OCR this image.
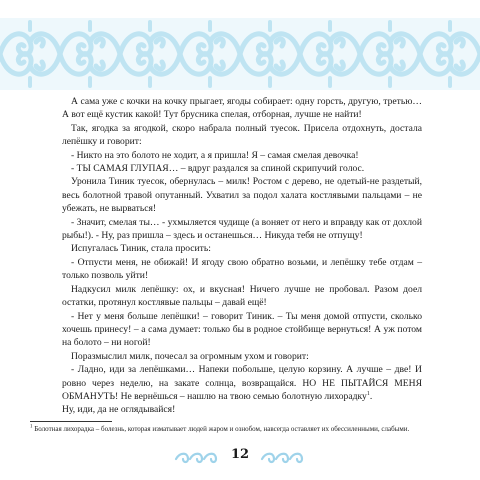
А сама уже с кочки на кочку прыгает, ягоды собирает: одну горсть, другую, третью… А вот ещё кустик какой! Тут брусника спелая, отборная, лучше не найти!

Так, ягодка за ягодкой, скоро набрала полный туесок. Присела отдохнуть, достала лепёшку и говорит:

- Никто на это болото не ходит, а я пришла! Я – самая смелая девочка!

- ТЫ САМАЯ ГЛУПАЯ… – вдруг раздался за спиной скрипучий голос.

Уронила Тиник туесок, обернулась – милк! Ростом с дерево, не одетый-не раздетый, весь болотной травой опутанный. Ухватил за подол халата костлявыми пальцами – не убежать, не вырваться!

- Значит, смелая ты… - ухмыляется чудище (а воняет от него и вправду как от дохлой рыбы!). - Ну, раз пришла – здесь и останешься… Никуда тебя не отпущу!

Испугалась Тиник, стала просить:

- Отпусти меня, не обижай! И ягоду свою обратно возьми, и лепёшку тебе отдам – только позволь уйти!

Надкусил милк лепёшку: ох, и вкусная! Ничего лучше не пробовал. Разом доел остатки, протянул костлявые пальцы – давай ещё!

- Нет у меня больше лепёшки! – говорит Тиник. – Ты меня домой отпусти, сколько хочешь принесу! – а сама думает: только бы в родное стойбище вернуться! А уж потом на болото – ни ногой!

Поразмыслил милк, почесал за огромным ухом и говорит:

- Ладно, иди за лепёшками… Напеки побольше, целую корзину. А лучше – две! И ровно через неделю, на закате солнца, возвращайся. НО НЕ ПЫТАЙСЯ МЕНЯ ОБМАНУТЬ! Не вернёшься – нашлю на твою семью болотную лихорадку$^1$.

Ну, иди, да не оглядывайся!

$^1$ Болотная лихорадка – болезнь, которая изматывает людей жаром и ознобом, навсегда оставляет их обессиленными, слабыми.
12
